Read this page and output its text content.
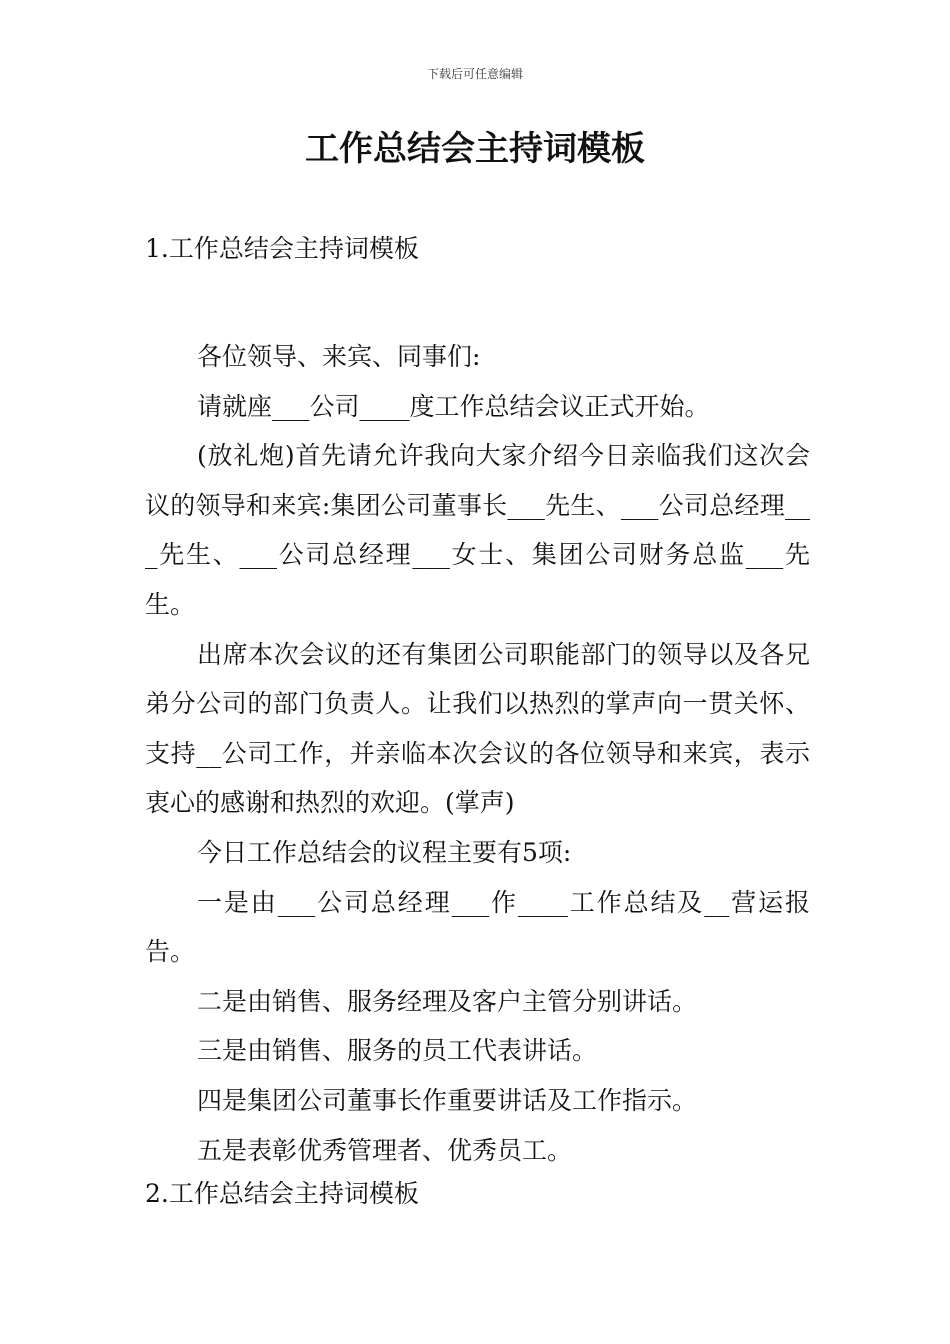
下载后可任意编辑
工作总结会主持词模板
1.工作总结会主持词模板

各位领导、来宾、同事们:

请就座___公司____度工作总结会议正式开始。

(放礼炮)首先请允许我向大家介绍今日亲临我们这次会议的领导和来宾:集团公司董事长___先生、___公司总经理___先生、___公司总经理___女士、集团公司财务总监___先生。

出席本次会议的还有集团公司职能部门的领导以及各兄弟分公司的部门负责人。让我们以热烈的掌声向一贯关怀、支持__公司工作，并亲临本次会议的各位领导和来宾，表示衷心的感谢和热烈的欢迎。(掌声)

今日工作总结会的议程主要有5项:

一是由___公司总经理___作____工作总结及__营运报告。

二是由销售、服务经理及客户主管分别讲话。

三是由销售、服务的员工代表讲话。

四是集团公司董事长作重要讲话及工作指示。

五是表彰优秀管理者、优秀员工。

2.工作总结会主持词模板
